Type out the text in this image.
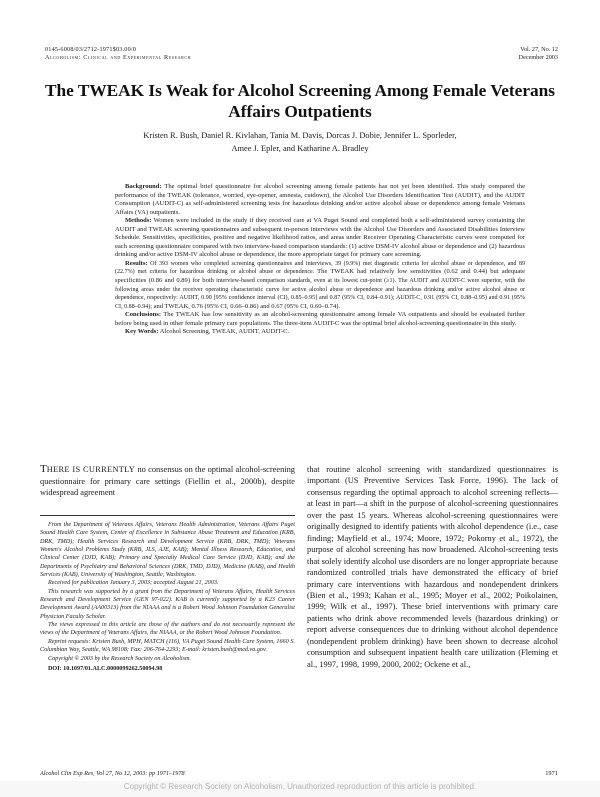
0145-6008/03/2712-1971$03.00/0
Alcoholism: Clinical and Experimental Research
Vol. 27, No. 12
December 2003
The TWEAK Is Weak for Alcohol Screening Among Female Veterans Affairs Outpatients
Kristen R. Bush, Daniel R. Kivlahan, Tania M. Davis, Dorcas J. Dobie, Jennifer L. Sporleder,
Amee J. Epler, and Katharine A. Bradley

Background: The optimal brief questionnaire for alcohol screening among female patients has not yet been identified. This study compared the performance of the TWEAK (tolerance, worried, eye-opener, amnesia, cutdown), the Alcohol Use Disorders Identification Test (AUDIT), and the AUDIT Consumption (AUDIT-C) as self-administered screening tests for hazardous drinking and/or active alcohol abuse or dependence among female Veterans Affairs (VA) outpatients.

Methods: Women were included in the study if they received care at VA Puget Sound and completed both a self-administered survey containing the AUDIT and TWEAK screening questionnaires and subsequent in-person interviews with the Alcohol Use Disorders and Associated Disabilities Interview Schedule. Sensitivities, specificities, positive and negative likelihood ratios, and areas under Receiver Operating Characteristic curves were computed for each screening questionnaire compared with two interview-based comparison standards: (1) active DSM-IV alcohol abuse or dependence and (2) hazardous drinking and/or active DSM-IV alcohol abuse or dependence, the more appropriate target for primary care screening.

Results: Of 393 women who completed screening questionnaires and interviews, 39 (9.9%) met diagnostic criteria for alcohol abuse or dependence, and 89 (22.7%) met criteria for hazardous drinking or alcohol abuse or dependence. The TWEAK had relatively low sensitivities (0.62 and 0.44) but adequate specificities (0.86 and 0.89) for both interview-based comparison standards, even at its lowest cut-point (≥1). The AUDIT and AUDIT-C were superior, with the following areas under the receiver operating characteristic curve for active alcohol abuse or dependence and hazardous drinking and/or active alcohol abuse or dependence, respectively: AUDIT, 0.90 [95% confidence interval (CI), 0.85–0.95] and 0.87 (95% CI, 0.84–0.91); AUDIT-C, 0.91 (95% CI, 0.88–0.95) and 0.91 (95% CI, 0.88–0.94); and TWEAK, 0.76 (95% CI, 0.66–0.86) and 0.67 (95% CI, 0.60–0.74).

Conclusions: The TWEAK has low sensitivity as an alcohol-screening questionnaire among female VA outpatients and should be evaluated further before being used in other female primary care populations. The three-item AUDIT-C was the optimal brief alcohol-screening questionnaire in this study.

Key Words: Alcohol Screening, TWEAK, AUDIT, AUDIT-C.

THERE IS CURRENTLY no consensus on the optimal alcohol-screening questionnaire for primary care settings (Fiellin et al., 2000b), despite widespread agreement

From the Department of Veterans Affairs, Veterans Health Administration, Veterans Affairs Puget Sound Health Care System, Center of Excellence in Substance Abuse Treatment and Education (KRB, DRK, TMD); Health Services Research and Development Service (KRB, DRK, TMD); Veterans Women's Alcohol Problems Study (KRB, JLS, AJE, KAB); Mental Illness Research, Education, and Clinical Center (DJD, KAB); Primary and Specialty Medical Care Service (DJD, KAB); and the Departments of Psychiatry and Behavioral Sciences (DRK, TMD, DJD), Medicine (KAB), and Health Services (KAB), University of Washington, Seattle, Washington.

Received for publication January 3, 2003; accepted August 21, 2003.

This research was supported by a grant from the Department of Veterans Affairs, Health Services Research and Development Service (GEN 97-022). KAB is currently supported by a K23 Career Development Award (AA00313) from the NIAAA and is a Robert Wood Johnson Foundation Generalist Physician Faculty Scholar.

The views expressed in this article are those of the authors and do not necessarily represent the views of the Department of Veterans Affairs, the NIAAA, or the Robert Wood Johnson Foundation.

Reprint requests: Kristen Bush, MPH, MATCH (116), VA Puget Sound Health Care System, 1660 S. Columbian Way, Seattle, WA 98108; Fax: 206-764-2293; E-mail: kristen.bush@med.va.gov.

Copyright © 2003 by the Research Society on Alcoholism.

DOI: 10.1097/01.ALC.0000099262.50094.98

that routine alcohol screening with standardized questionnaires is important (US Preventive Services Task Force, 1996). The lack of consensus regarding the optimal approach to alcohol screening reflects—at least in part—a shift in the purpose of alcohol-screening questionnaires over the past 15 years. Whereas alcohol-screening questionnaires were originally designed to identify patients with alcohol dependence (i.e., case finding; Mayfield et al., 1974; Moore, 1972; Pokorny et al., 1972), the purpose of alcohol screening has now broadened. Alcohol-screening tests that solely identify alcohol use disorders are no longer appropriate because randomized controlled trials have demonstrated the efficacy of brief primary care interventions with hazardous and nondependent drinkers (Bien et al., 1993; Kahan et al., 1995; Moyer et al., 2002; Poikolainen, 1999; Wilk et al., 1997). These brief interventions with primary care patients who drink above recommended levels (hazardous drinking) or report adverse consequences due to drinking without alcohol dependence (nondependent problem drinking) have been shown to decrease alcohol consumption and subsequent inpatient health care utilization (Fleming et al., 1997, 1998, 1999, 2000, 2002; Ockene et al.,
Alcohol Clin Exp Res, Vol 27, No 12, 2003: pp 1971–1978	1971
Copyright © Research Society on Alcoholism. Unauthorized reproduction of this article is prohibited.
